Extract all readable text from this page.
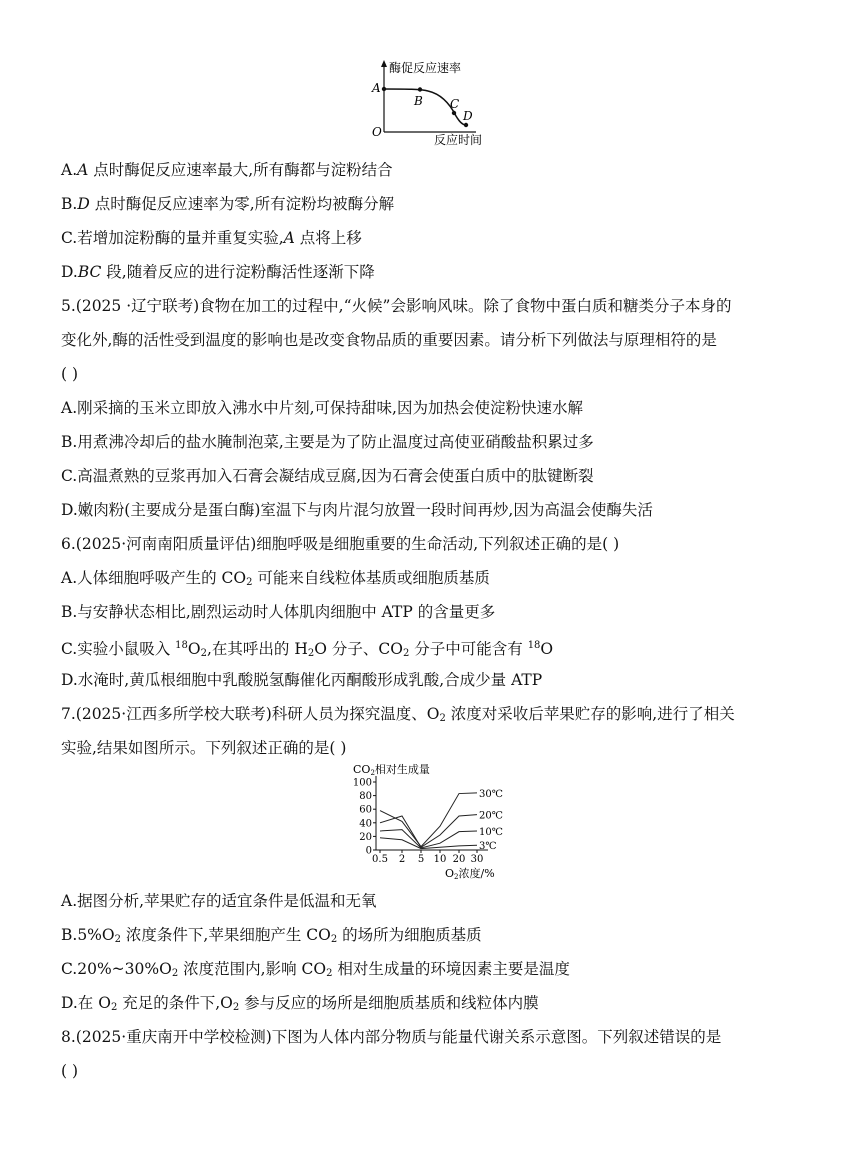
酶促反应速率
反应时间
O
A
B C
D
A.A 点时酶促反应速率最大,所有酶都与淀粉结合
B.D 点时酶促反应速率为零,所有淀粉均被酶分解
C.若增加淀粉酶的量并重复实验,A 点将上移
D.BC 段,随着反应的进行淀粉酶活性逐渐下降
5.(2025 ·辽宁联考)食物在加工的过程中,“火候”会影响风味。除了食物中蛋白质和糖类分子本身的
变化外,酶的活性受到温度的影响也是改变食物品质的重要因素。请分析下列做法与原理相符的是
( )
A.刚采摘的玉米立即放入沸水中片刻,可保持甜味,因为加热会使淀粉快速水解
B.用煮沸冷却后的盐水腌制泡菜,主要是为了防止温度过高使亚硝酸盐积累过多
C.高温煮熟的豆浆再加入石膏会凝结成豆腐,因为石膏会使蛋白质中的肽键断裂
D.嫩肉粉(主要成分是蛋白酶)室温下与肉片混匀放置一段时间再炒,因为高温会使酶失活
6.(2025·河南南阳质量评估)细胞呼吸是细胞重要的生命活动,下列叙述正确的是( )
A.人体细胞呼吸产生的 $CO_2$ 可能来自线粒体基质或细胞质基质
B.与安静状态相比,剧烈运动时人体肌肉细胞中 ATP 的含量更多
C.实验小鼠吸入 $^{18}O_2$,在其呼出的 $H_2O$ 分子、$CO_2$ 分子中可能含有 $^{18}$O
D.水淹时,黄瓜根细胞中乳酸脱氢酶催化丙酮酸形成乳酸,合成少量 ATP
7.(2025·江西多所学校大联考)科研人员为探究温度、$O_2$ 浓度对采收后苹果贮存的影响,进行了相关
实验,结果如图所示。下列叙述正确的是( )
CO2相对生成量
O2浓度/%
100
80
60
40
20
0
0.5 2 5 10 20 30
30℃
20℃
10℃
3℃
A.据图分析,苹果贮存的适宜条件是低温和无氧
$B.5\%O_2$ 浓度条件下,苹果细胞产生 $CO_2$ 的场所为细胞质基质
$C.20\%\sim 30\%O_2$ 浓度范围内,影响 $CO_2$ 相对生成量的环境因素主要是温度
D.在 $O_2$ 充足的条件下$,O_2$ 参与反应的场所是细胞质基质和线粒体内膜
8.(2025·重庆南开中学校检测)下图为人体内部分物质与能量代谢关系示意图。下列叙述错误的是
( )
